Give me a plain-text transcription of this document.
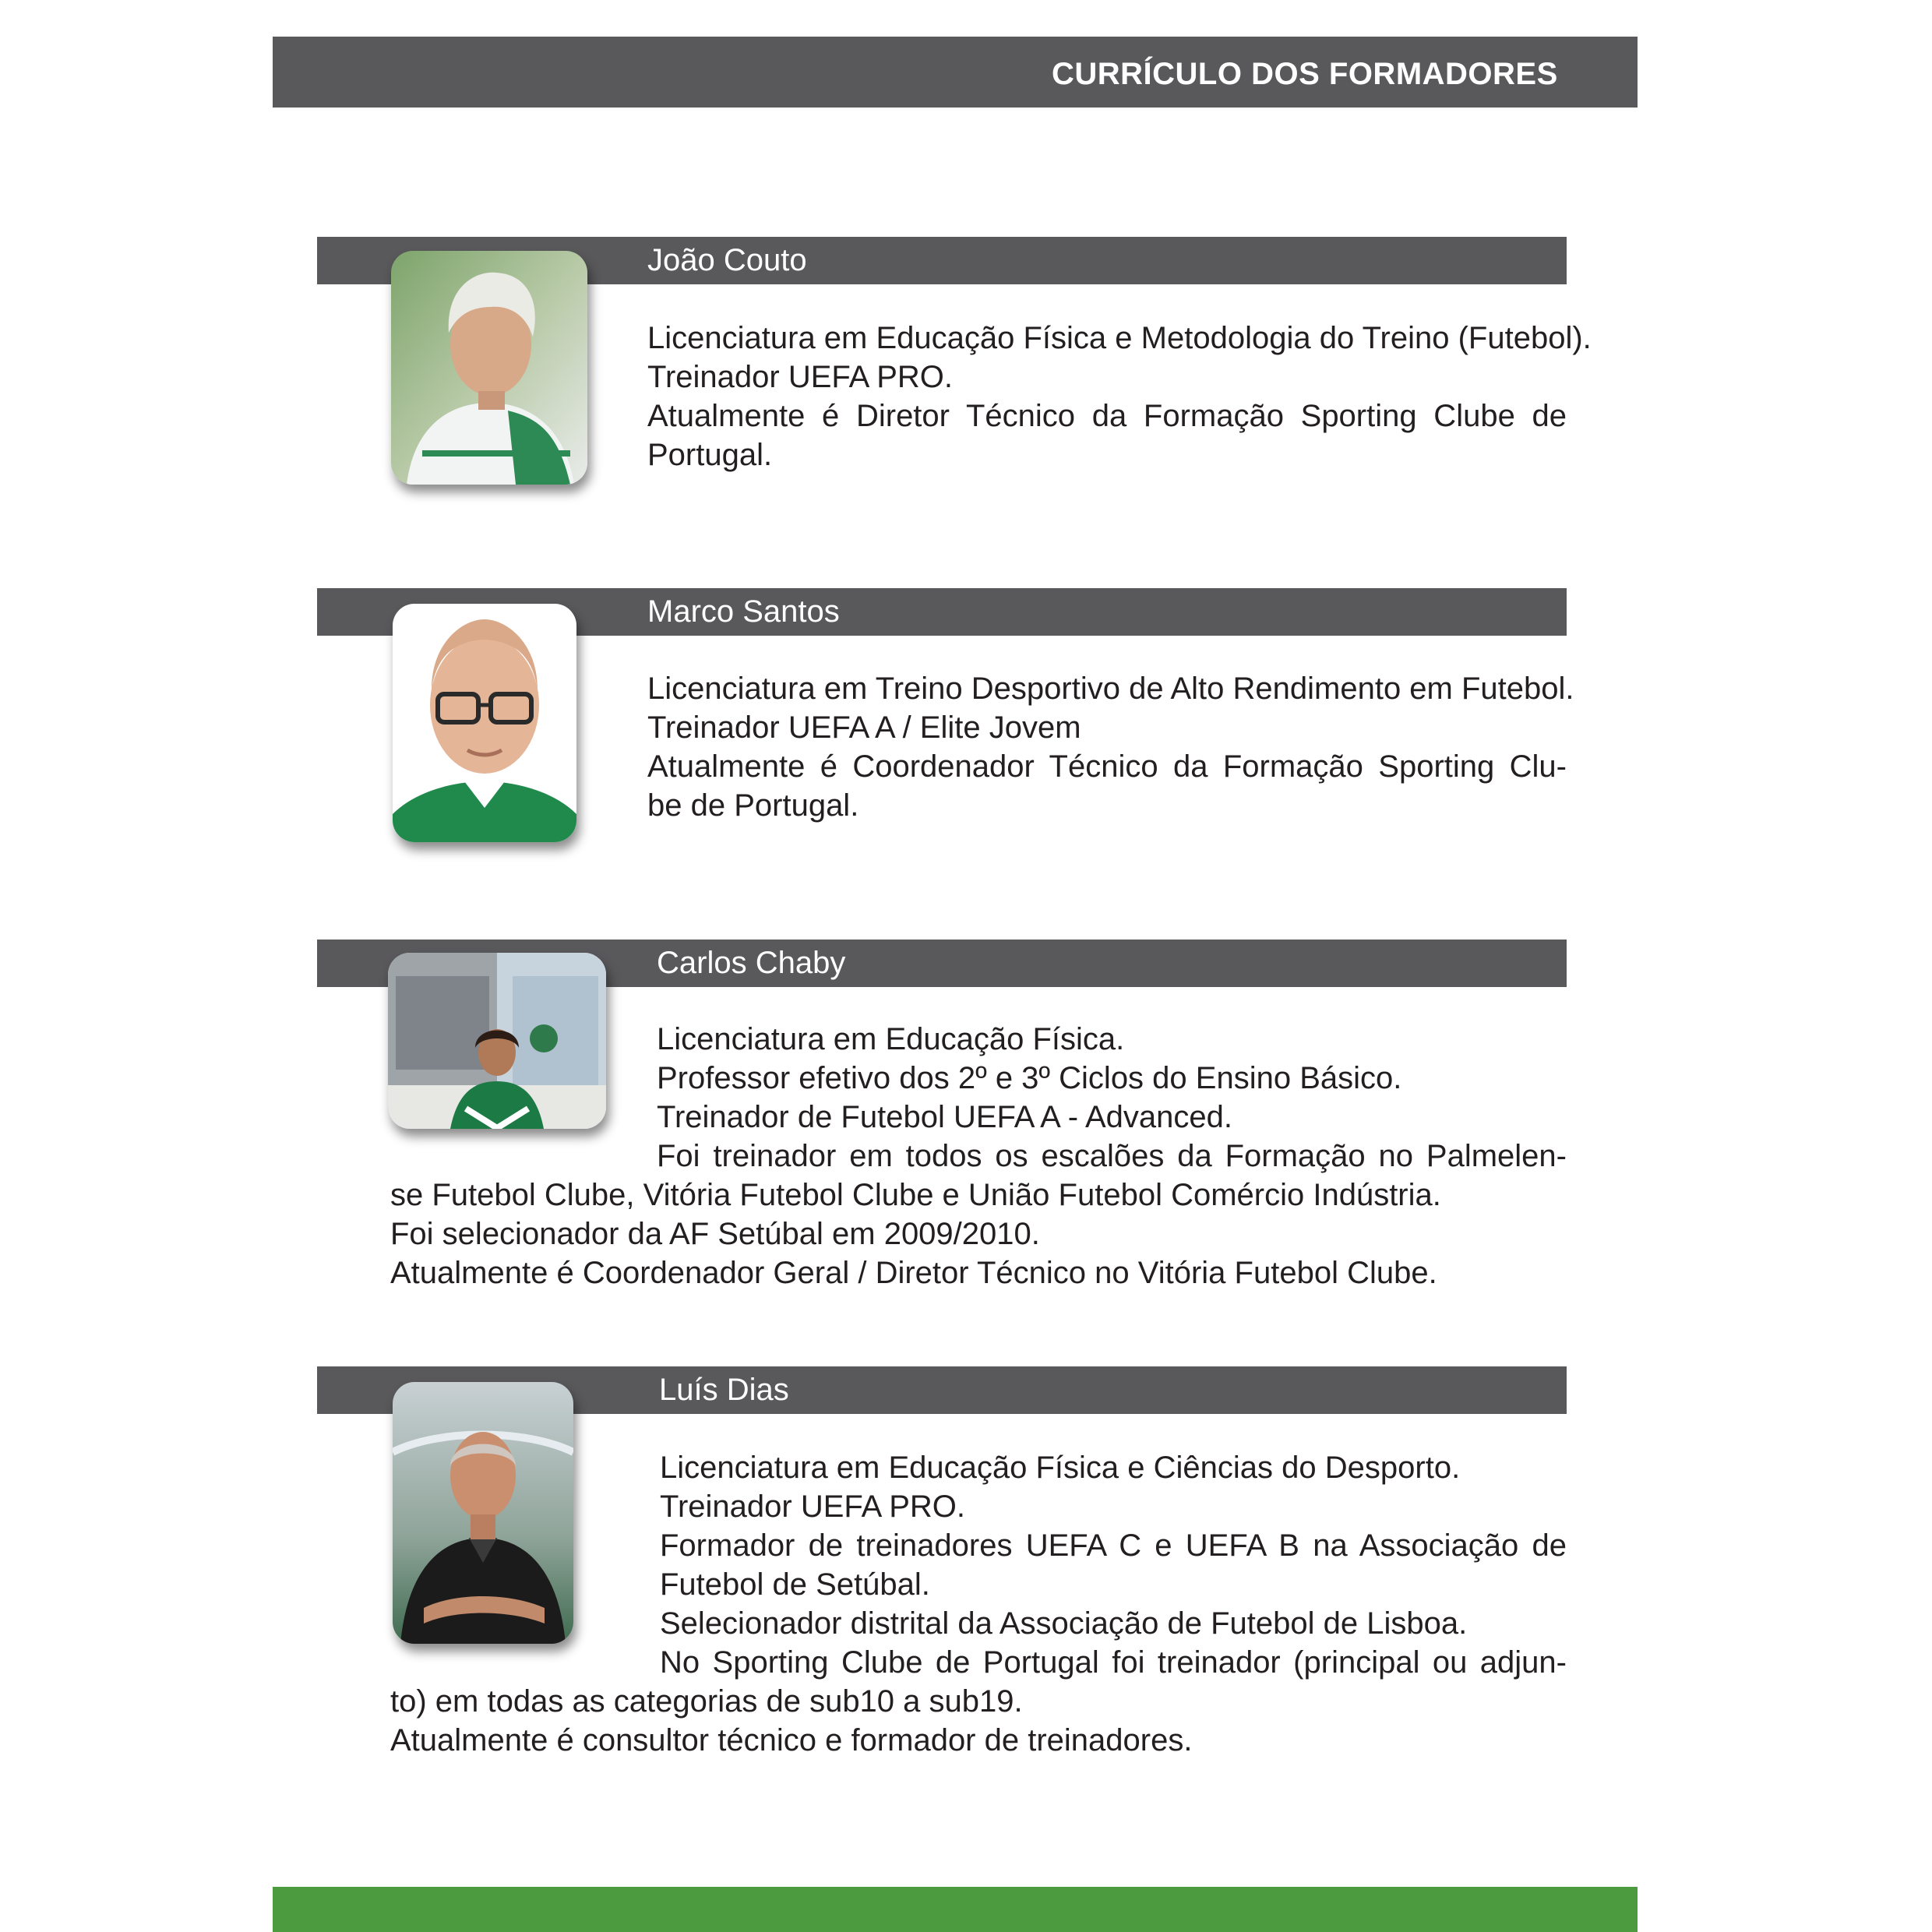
CURRÍCULO DOS FORMADORES
João Couto
Licenciatura em Educação Física e Metodologia do Treino (Futebol).
Treinador UEFA PRO.
Atualmente é Diretor Técnico da Formação Sporting Clube de
Portugal.
Marco Santos
Licenciatura em Treino Desportivo de Alto Rendimento em Futebol.
Treinador UEFA A / Elite Jovem
Atualmente é Coordenador Técnico da Formação Sporting Clu-
be de Portugal.
Carlos Chaby
Licenciatura em Educação Física.
Professor efetivo dos 2º e 3º Ciclos do Ensino Básico.
Treinador de Futebol UEFA A - Advanced.
Foi treinador em todos os escalões da Formação no Palmelen-
se Futebol Clube, Vitória Futebol Clube e União Futebol Comércio Indústria.
Foi selecionador da AF Setúbal em 2009/2010.
Atualmente é Coordenador Geral / Diretor Técnico no Vitória Futebol Clube.
Luís Dias
Licenciatura em Educação Física e Ciências do Desporto.
Treinador UEFA PRO.
Formador de treinadores UEFA C e UEFA B na Associação de
Futebol de Setúbal.
Selecionador distrital da Associação de Futebol de Lisboa.
No Sporting Clube de Portugal foi treinador (principal ou adjun-
to) em todas as categorias de sub10 a sub19.
Atualmente é consultor técnico e formador de treinadores.
